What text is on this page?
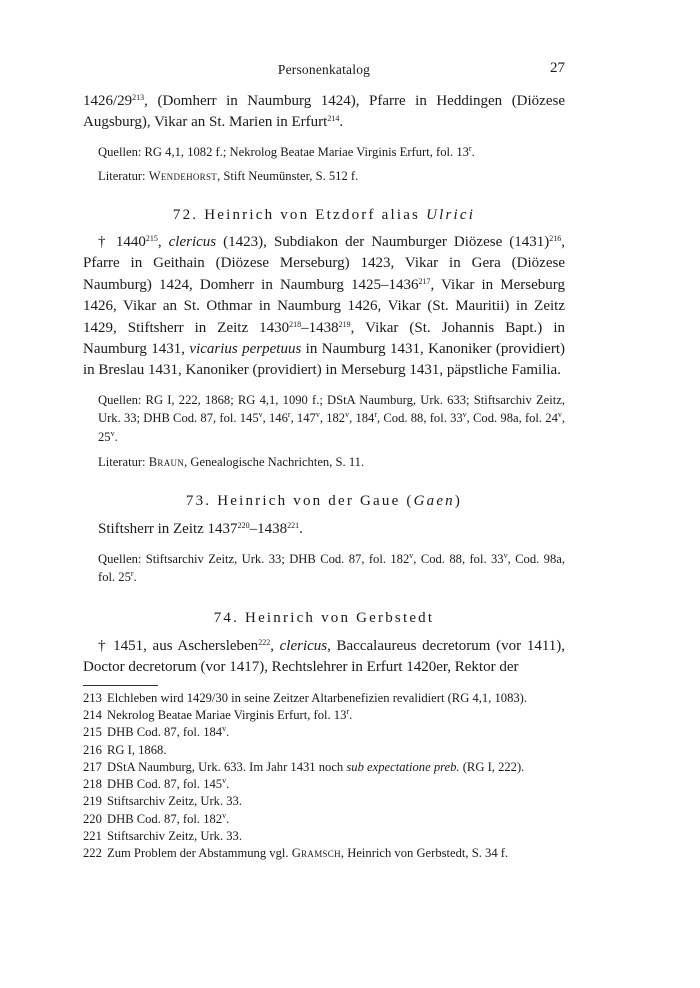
Personenkatalog	27

$1426/29^{213}$, (Domherr in Naumburg 1424), Pfarre in Heddingen (Diözese Augsburg), Vikar an St. Marien in Erfurt$^{214}$.

Quellen: RG 4,1, 1082 f.; Nekrolog Beatae Mariae Virginis Erfurt, fol. 13$^r$.

Literatur: Wendehorst, Stift Neumünster, S. 512 f.

72. Heinrich von Etzdorf alias Ulrici

† 1440$^{215}$, clericus (1423), Subdiakon der Naumburger Diözese $(1431)^{216}$, Pfarre in Geithain (Diözese Merseburg) 1423, Vikar in Gera (Diözese Naumburg) 1424, Domherr in Naumburg 1425–1436$^{217}$, Vikar in Merseburg 1426, Vikar an St. Othmar in Naumburg 1426, Vikar (St. Mauritii) in Zeitz 1429, Stiftsherr in Zeitz 1430$^{218}$–1438$^{219}$, Vikar (St. Johannis Bapt.) in Naumburg 1431, vicarius perpetuus in Naumburg 1431, Kanoniker (providiert) in Breslau 1431, Kanoniker (providiert) in Merseburg 1431, päpstliche Familia.

Quellen: RG I, 222, 1868; RG 4,1, 1090 f.; DStA Naumburg, Urk. 633; Stiftsarchiv Zeitz, Urk. 33; DHB Cod. 87, fol. 145$^v$, 146$^r$, 147$^v$, 182$^v$, 184$^r$, Cod. 88, fol. 33$^v$, Cod. 98a, fol. 24$^v$, 25$^v$.

Literatur: Braun, Genealogische Nachrichten, S. 11.

73. Heinrich von der Gaue (Gaen)

Stiftsherr in Zeitz 1437$^{220}$–1438$^{221}$.

Quellen: Stiftsarchiv Zeitz, Urk. 33; DHB Cod. 87, fol. 182$^v$, Cod. 88, fol. 33$^v$, Cod. 98a, fol. 25$^r$.

74. Heinrich von Gerbstedt

† 1451, aus Aschersleben$^{222}$, clericus, Baccalaureus decretorum (vor 1411), Doctor decretorum (vor 1417), Rechtslehrer in Erfurt 1420er, Rektor der

213 Elchleben wird 1429/30 in seine Zeitzer Altarbenefizien revalidiert (RG 4,1, 1083).
214 Nekrolog Beatae Mariae Virginis Erfurt, fol. 13$^r$.
215 DHB Cod. 87, fol. 184$^v$.
216 RG I, 1868.
217 DStA Naumburg, Urk. 633. Im Jahr 1431 noch sub expectatione preb. (RG I, 222).
218 DHB Cod. 87, fol. 145$^v$.
219 Stiftsarchiv Zeitz, Urk. 33.
220 DHB Cod. 87, fol. 182$^v$.
221 Stiftsarchiv Zeitz, Urk. 33.
222 Zum Problem der Abstammung vgl. Gramsch, Heinrich von Gerbstedt, S. 34 f.
